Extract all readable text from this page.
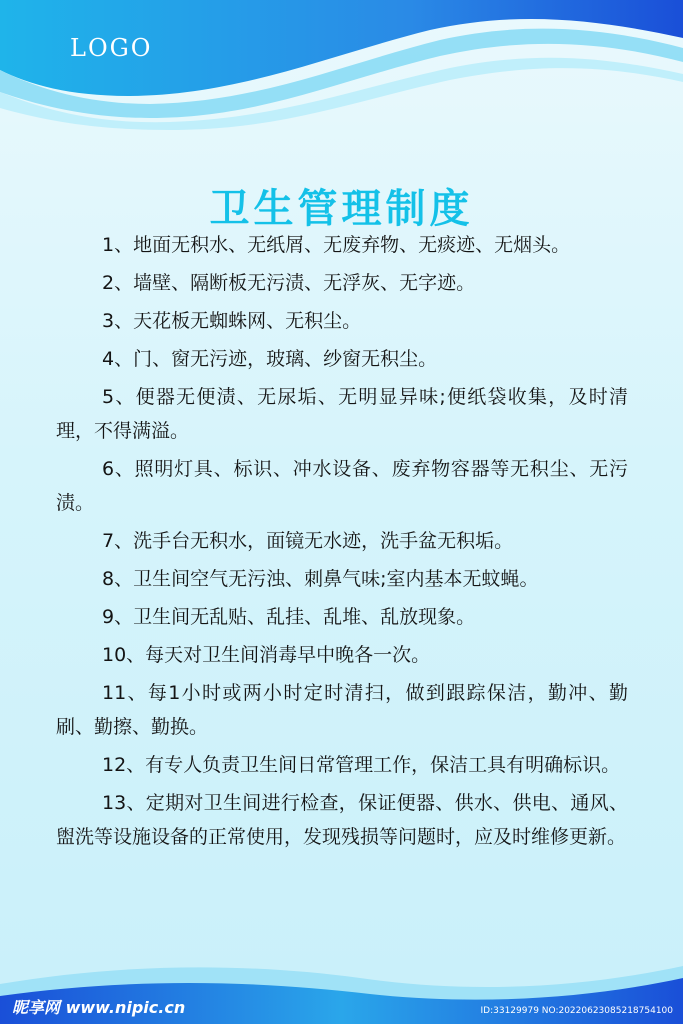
LOGO
卫生管理制度
1、地面无积水、无纸屑、无废弃物、无痰迹、无烟头。
2、墙壁、隔断板无污渍、无浮灰、无字迹。
3、天花板无蜘蛛网、无积尘。
4、门、窗无污迹，玻璃、纱窗无积尘。
5、便器无便渍、无尿垢、无明显异味;便纸袋收集，及时清理，不得满溢。
6、照明灯具、标识、冲水设备、废弃物容器等无积尘、无污渍。
7、洗手台无积水，面镜无水迹，洗手盆无积垢。
8、卫生间空气无污浊、刺鼻气味;室内基本无蚊蝇。
9、卫生间无乱贴、乱挂、乱堆、乱放现象。
10、每天对卫生间消毒早中晚各一次。
11、每1小时或两小时定时清扫，做到跟踪保洁，勤冲、勤刷、勤擦、勤换。
12、有专人负责卫生间日常管理工作，保洁工具有明确标识。
13、定期对卫生间进行检查，保证便器、供水、供电、通风、盥洗等设施设备的正常使用，发现残损等问题时，应及时维修更新。
昵享网 www.nipic.cn	ID:33129979 NO:20220623085218754100
